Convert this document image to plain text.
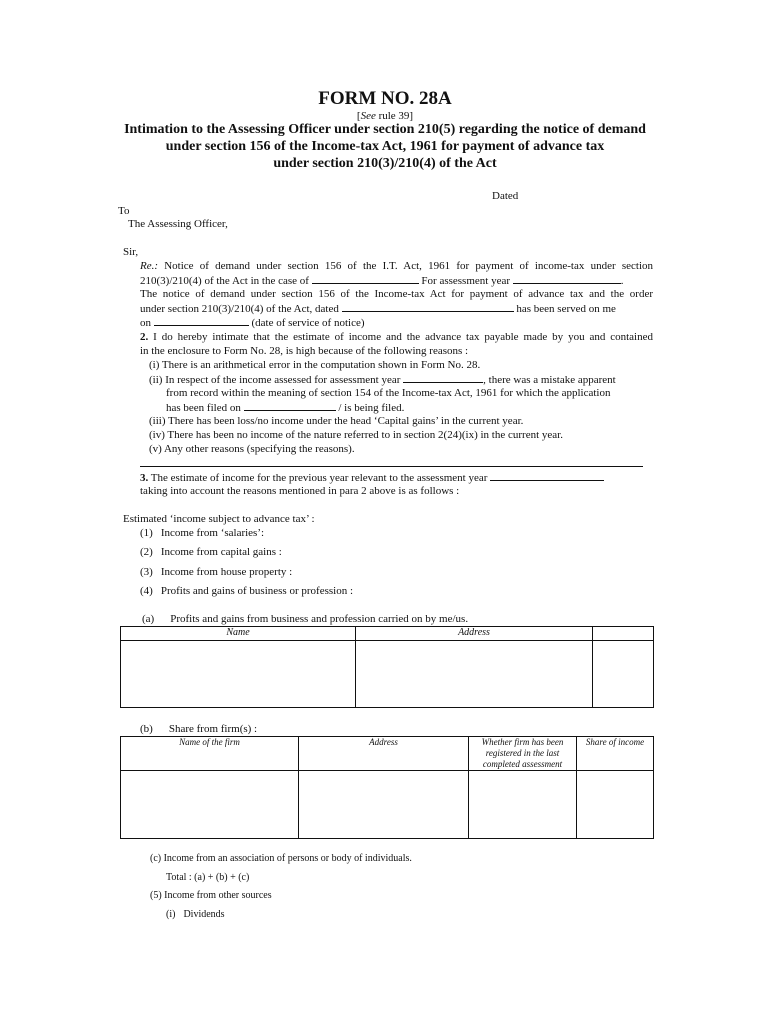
FORM NO. 28A
[See rule 39]
Intimation to the Assessing Officer under section 210(5) regarding the notice of demand
under section 156 of the Income-tax Act, 1961 for payment of advance tax
under section 210(3)/210(4) of the Act
Dated
To
The Assessing Officer,
Sir,
Re.: Notice of demand under section 156 of the I.T. Act, 1961 for payment of income-tax under section
210(3)/210(4) of the Act in the case of	For assessment year	.
The notice of demand under section 156 of the Income-tax Act for payment of advance tax and the order
under section 210(3)/210(4) of the Act, dated	has been served on me
on	(date of service of notice)
2. I do hereby intimate that the estimate of income and the advance tax payable made by you and contained
in the enclosure to Form No. 28, is high because of the following reasons :
(i) There is an arithmetical error in the computation shown in Form No. 28.
(ii) In respect of the income assessed for assessment year	, there was a mistake apparent
from record within the meaning of section 154 of the Income-tax Act, 1961 for which the application
has been filed on	/ is being filed.
(iii) There has been loss/no income under the head ‘Capital gains’ in the current year.
(iv) There has been no income of the nature referred to in section 2(24)(ix) in the current year.
(v) Any other reasons (specifying the reasons).
3. The estimate of income for the previous year relevant to the assessment year
taking into account the reasons mentioned in para 2 above is as follows :
Estimated ‘income subject to advance tax’ :
(1) Income from ‘salaries’:
(2) Income from capital gains :
(3) Income from house property :
(4) Profits and gains of business or profession :
(a) Profits and gains from business and profession carried on by me/us.
Name	Address	

(b) Share from firm(s) :
Name of the firm	Address	Whether firm has been registered in the last completed assessment	Share of income

(c) Income from an association of persons or body of individuals.
Total : (a) + (b) + (c)
(5) Income from other sources
(i) Dividends
